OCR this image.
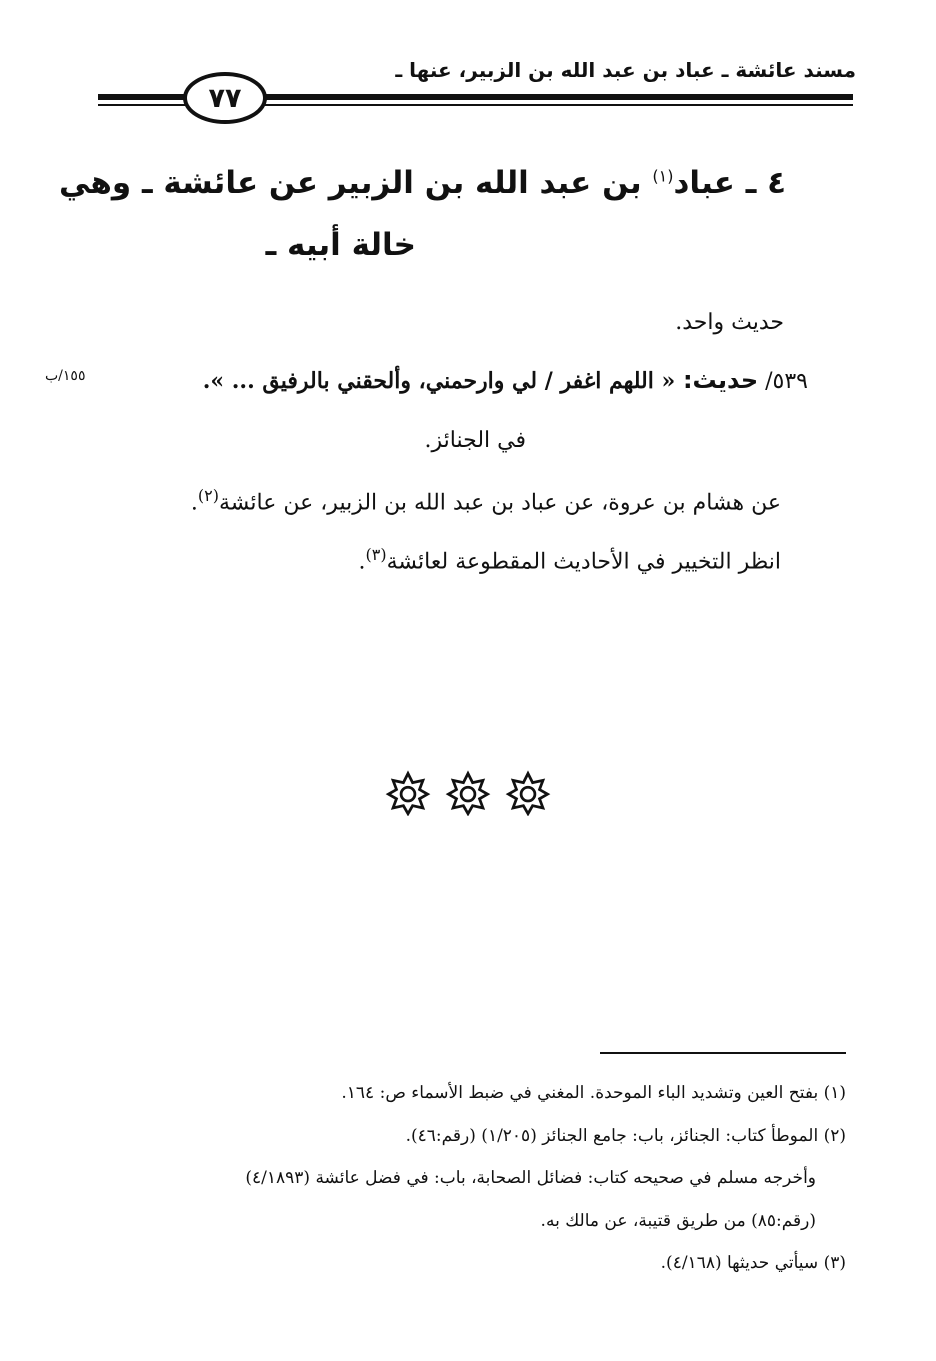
مسند عائشة ـ عباد بن عبد الله بن الزبير، عنها ـ
٧٧
٤ ـ عباد$^{(١)}$ بن عبد الله بن الزبير عن عائشة ـ وهي
خالة أبيه ـ
حديث واحد.
٥٣٩/ حديث: « اللهم اغفر / لي وارحمني، وألحقني بالرفيق ... ».
١٥٥/ب
في الجنائز.
عن هشام بن عروة، عن عباد بن عبد الله بن الزبير، عن عائشة$^{(٢)}$.
انظر التخيير في الأحاديث المقطوعة لعائشة$^{(٣)}$.
(١) بفتح العين وتشديد الباء الموحدة. المغني في ضبط الأسماء ص: ١٦٤.
(٢) الموطأ كتاب: الجنائز، باب: جامع الجنائز (١/٢٠٥) (رقم:٤٦).
وأخرجه مسلم في صحيحه كتاب: فضائل الصحابة، باب: في فضل عائشة (٤/١٨٩٣)
(رقم:٨٥) من طريق قتيبة، عن مالك به.
(٣) سيأتي حديثها (٤/١٦٨).
